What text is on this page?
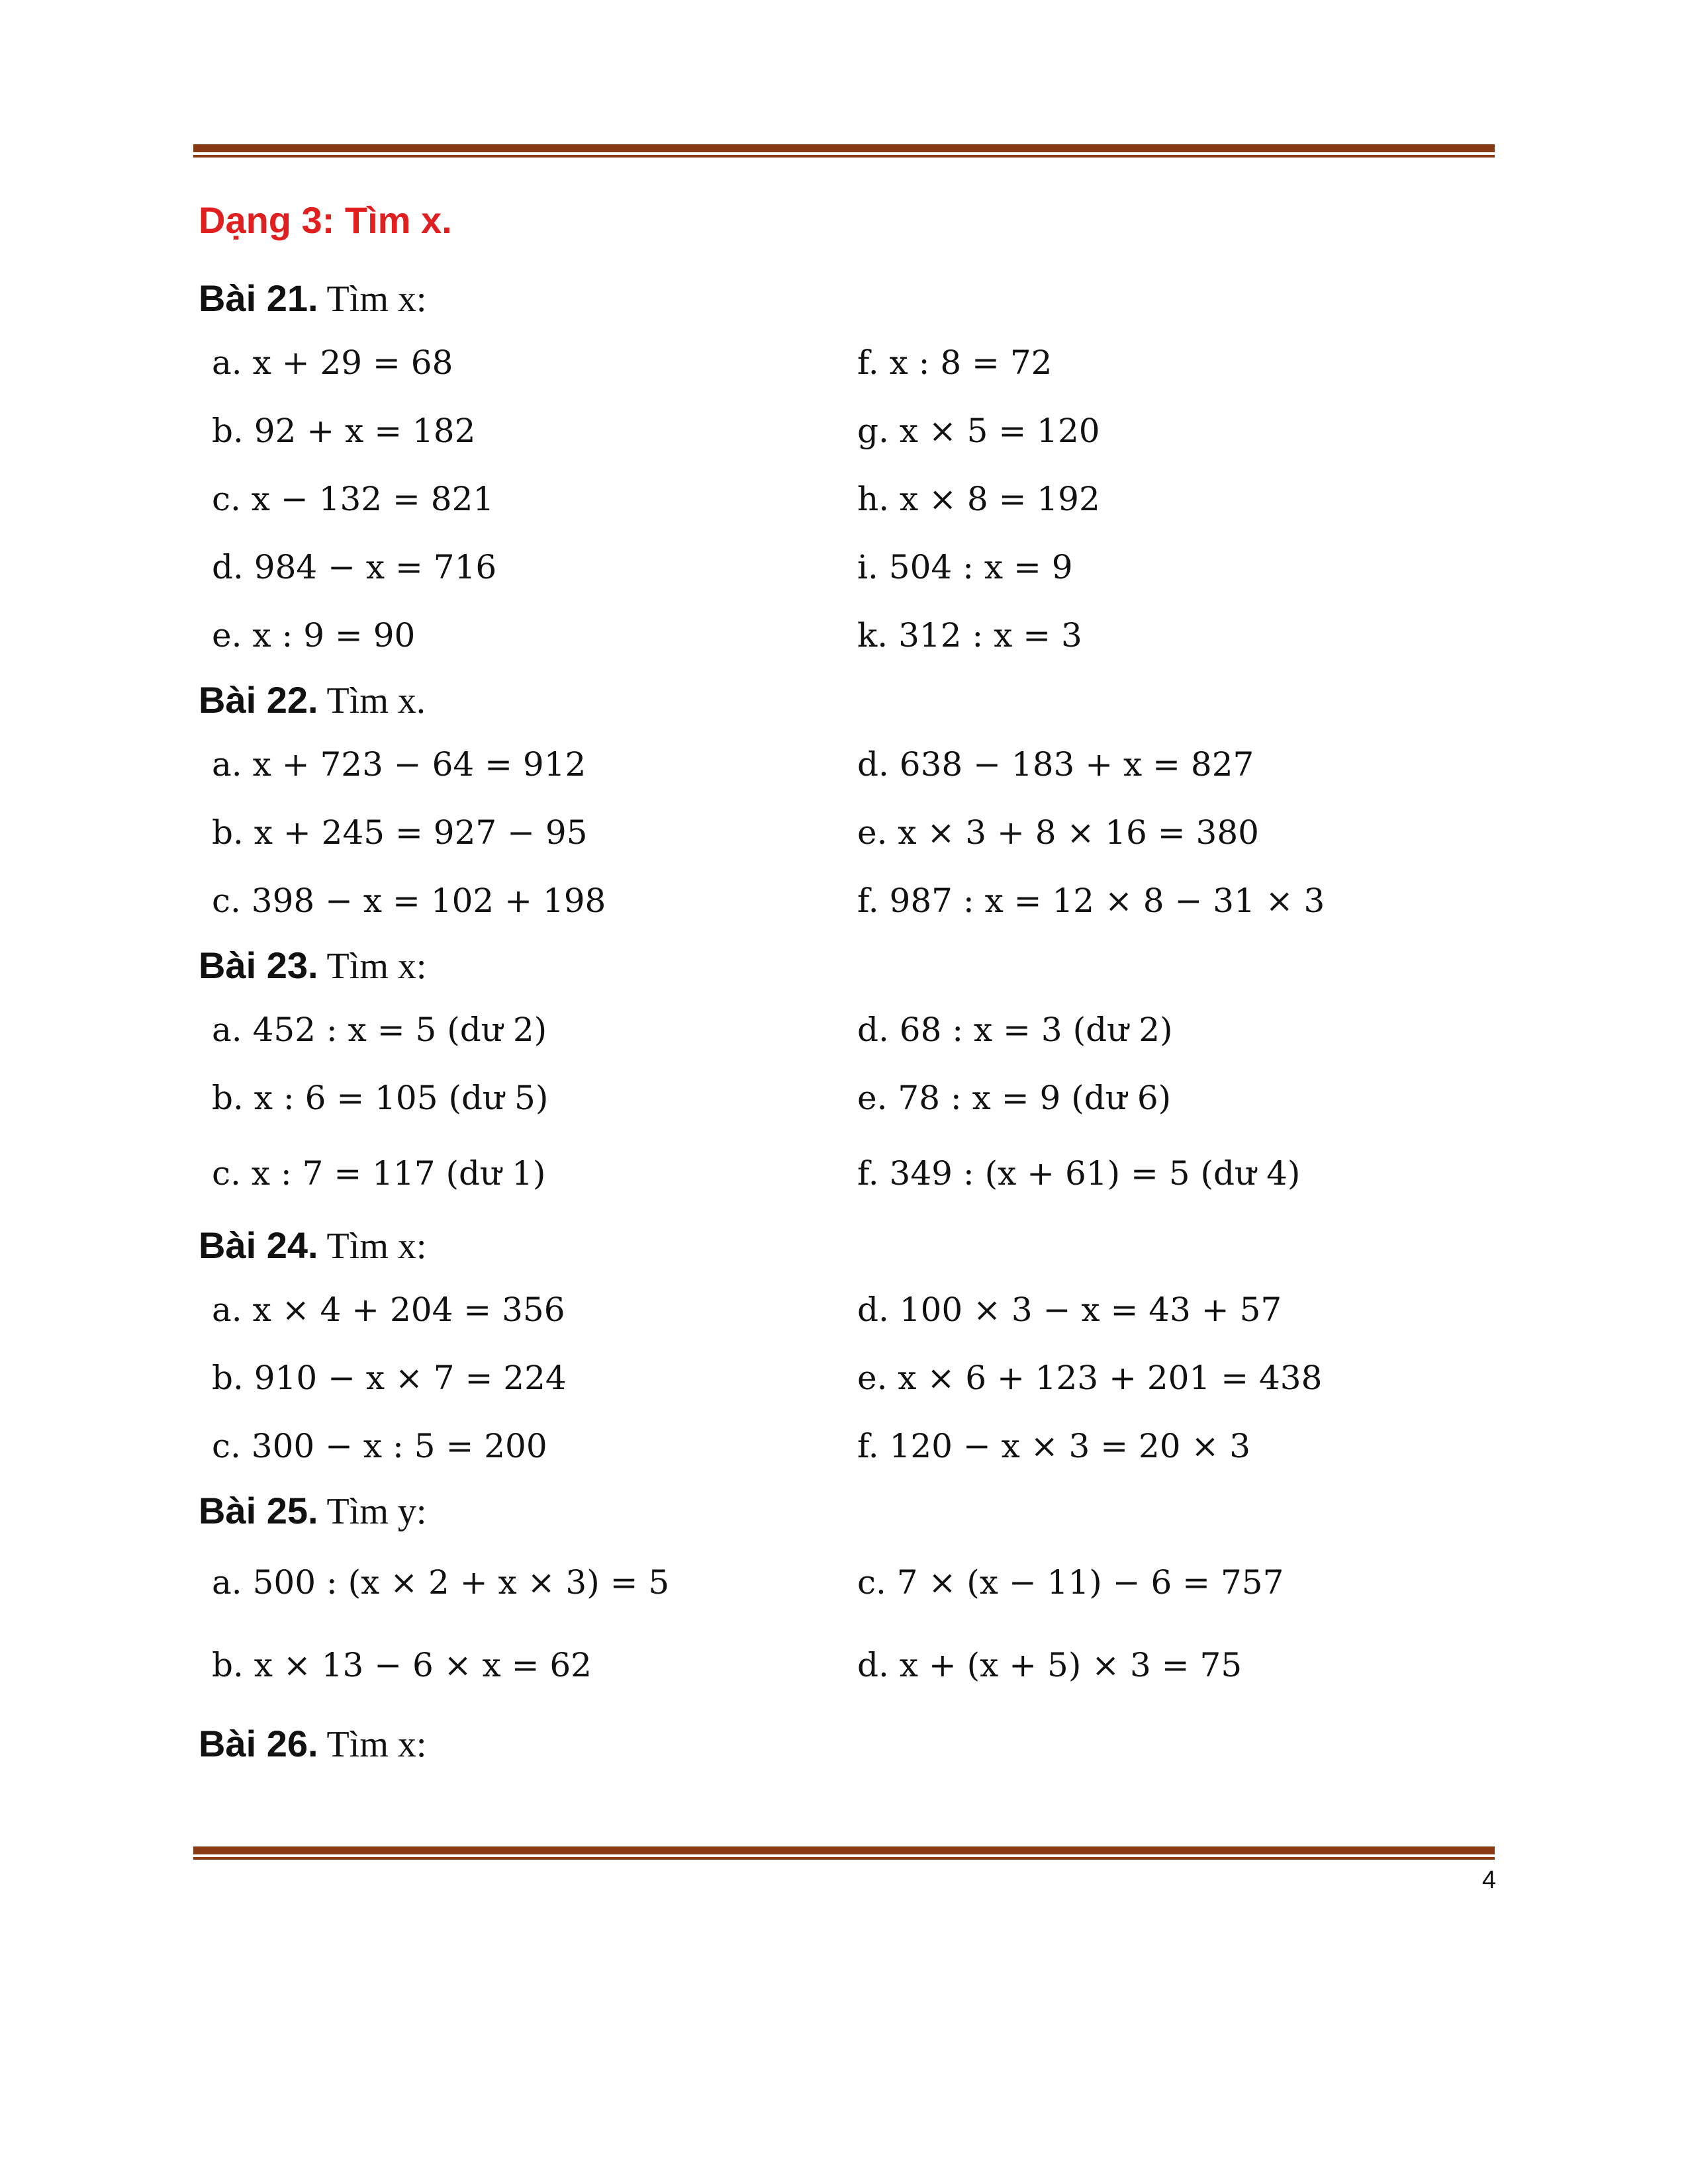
Dạng 3: Tìm x.
Bài 21. Tìm x:
a. x + 29 = 68	f. x : 8 = 72
b. 92 + x = 182	g. x × 5 = 120
c. x − 132 = 821	h. x × 8 = 192
d. 984 − x = 716	i. 504 : x = 9
e. x : 9 = 90	k. 312 : x = 3
Bài 22. Tìm x.
a. x + 723 − 64 = 912	d. 638 − 183 + x = 827
b. x + 245 = 927 − 95	e. x × 3 + 8 × 16 = 380
c. 398 − x = 102 + 198	f. 987 : x = 12 × 8 − 31 × 3
Bài 23. Tìm x:
a. 452 : x = 5 (dư 2)	d. 68 : x = 3 (dư 2)
b. x : 6 = 105 (dư 5)	e. 78 : x = 9 (dư 6)
c. x : 7 = 117 (dư 1)	f. 349 : (x + 61) = 5 (dư 4)
Bài 24. Tìm x:
a. x × 4 + 204 = 356	d. 100 × 3 − x = 43 + 57
b. 910 − x × 7 = 224	e. x × 6 + 123 + 201 = 438
c. 300 − x : 5 = 200	f. 120 − x × 3 = 20 × 3
Bài 25. Tìm y:
a. 500 : (x × 2 + x × 3) = 5	c. 7 × (x − 11) − 6 = 757
b. x × 13 − 6 × x = 62	d. x + (x + 5) × 3 = 75
Bài 26. Tìm x:
4
